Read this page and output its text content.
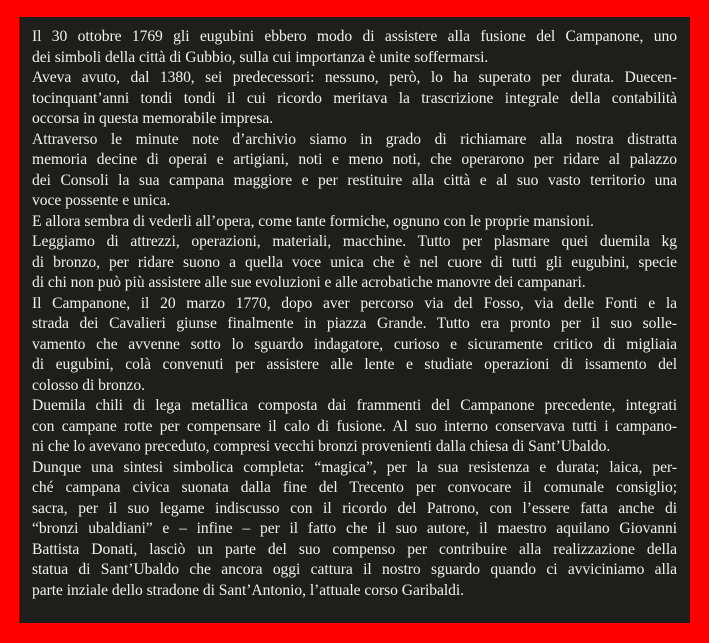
Il 30 ottobre 1769 gli eugubini ebbero modo di assistere alla fusione del Campanone, uno
dei simboli della città di Gubbio, sulla cui importanza è unite soffermarsi.

Aveva avuto, dal 1380, sei predecessori: nessuno, però, lo ha superato per durata. Duecen-
tocinquant’anni tondi tondi il cui ricordo meritava la trascrizione integrale della contabilità
occorsa in questa memorabile impresa.

Attraverso le minute note d’archivio siamo in grado di richiamare alla nostra distratta
memoria decine di operai e artigiani, noti e meno noti, che operarono per ridare al palazzo
dei Consoli la sua campana maggiore e per restituire alla città e al suo vasto territorio una
voce possente e unica.

E allora sembra di vederli all’opera, come tante formiche, ognuno con le proprie mansioni.

Leggiamo di attrezzi, operazioni, materiali, macchine. Tutto per plasmare quei duemila kg
di bronzo, per ridare suono a quella voce unica che è nel cuore di tutti gli eugubini, specie
di chi non può più assistere alle sue evoluzioni e alle acrobatiche manovre dei campanari.

Il Campanone, il 20 marzo 1770, dopo aver percorso via del Fosso, via delle Fonti e la
strada dei Cavalieri giunse finalmente in piazza Grande. Tutto era pronto per il suo solle-
vamento che avvenne sotto lo sguardo indagatore, curioso e sicuramente critico di migliaia
di eugubini, colà convenuti per assistere alle lente e studiate operazioni di issamento del
colosso di bronzo.

Duemila chili di lega metallica composta dai frammenti del Campanone precedente, integrati
con campane rotte per compensare il calo di fusione. Al suo interno conservava tutti i campano-
ni che lo avevano preceduto, compresi vecchi bronzi provenienti dalla chiesa di Sant’Ubaldo.

Dunque una sintesi simbolica completa: “magica”, per la sua resistenza e durata; laica, per-
ché campana civica suonata dalla fine del Trecento per convocare il comunale consiglio;
sacra, per il suo legame indiscusso con il ricordo del Patrono, con l’essere fatta anche di
“bronzi ubaldiani” e – infine – per il fatto che il suo autore, il maestro aquilano Giovanni
Battista Donati, lasciò un parte del suo compenso per contribuire alla realizzazione della
statua di Sant’Ubaldo che ancora oggi cattura il nostro sguardo quando ci avviciniamo alla
parte inziale dello stradone di Sant’Antonio, l’attuale corso Garibaldi.
